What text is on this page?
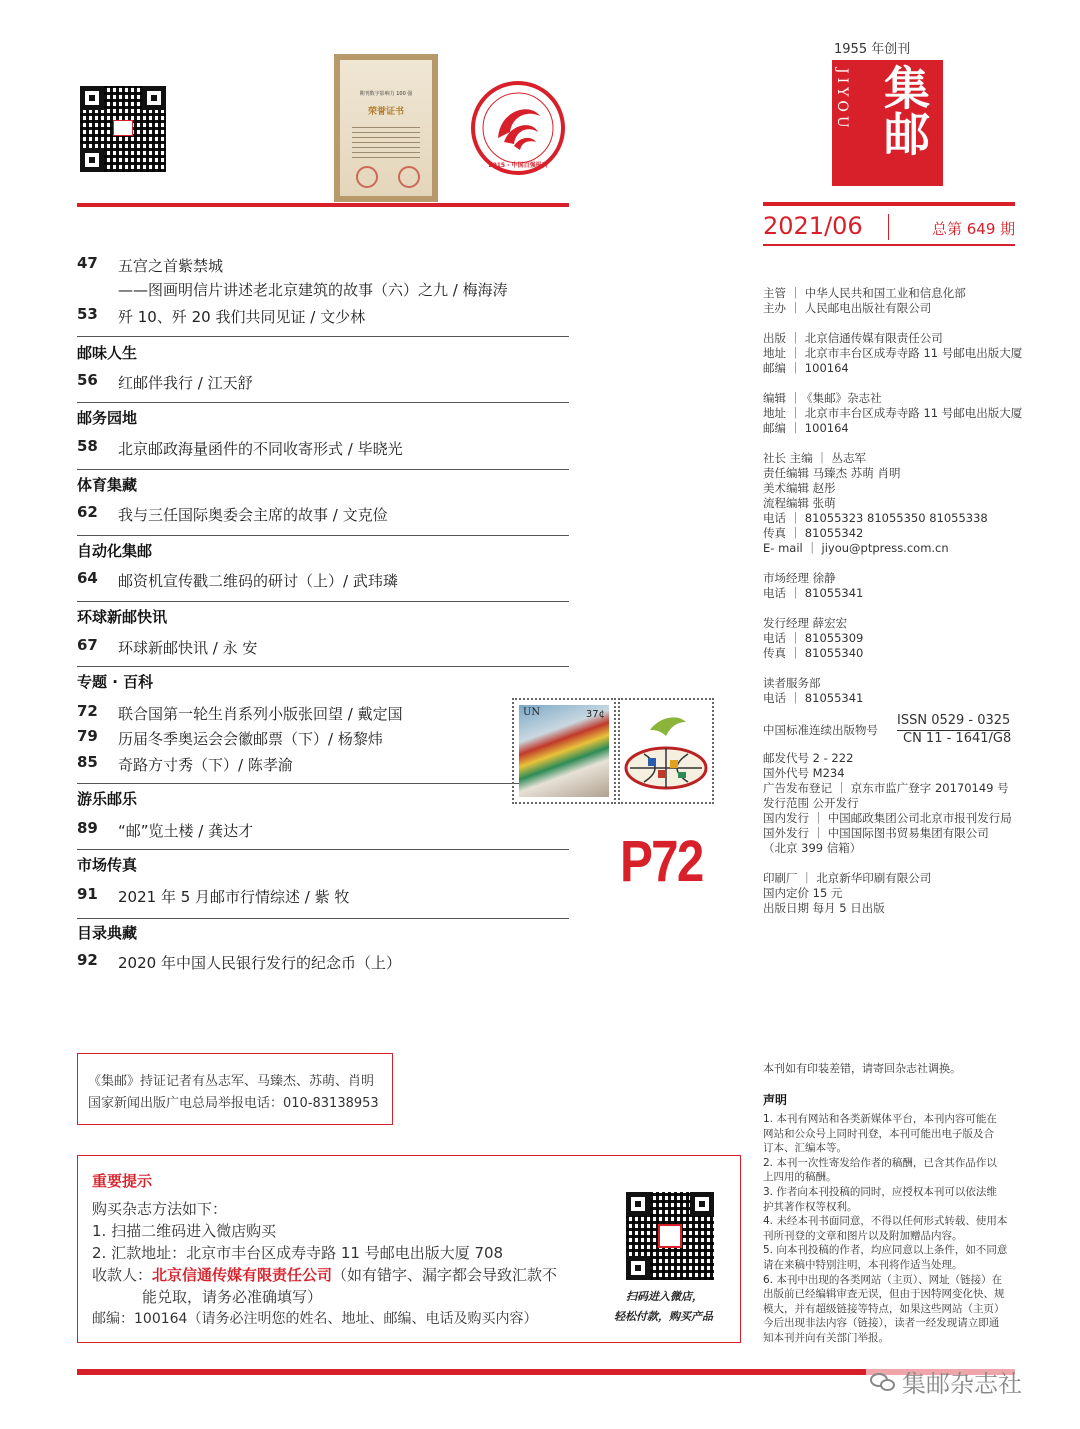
期刊数字影响力 100 强
荣誉证书
2015 · 中国百强报刊
1955 年创刊
JIYOU 集邮
2021/06	总第 649 期
47 五宫之首紫禁城
——图画明信片讲述老北京建筑的故事（六）之九 / 梅海涛
53 歼 10、歼 20 我们共同见证 / 文少林
邮味人生
56 红邮伴我行 / 江天舒
邮务园地
58 北京邮政海量函件的不同收寄形式 / 毕晓光
体育集藏
62 我与三任国际奥委会主席的故事 / 文克俭
自动化集邮
64 邮资机宣传戳二维码的研讨（上）/ 武玮璘
环球新邮快讯
67 环球新邮快讯 / 永 安
专题 · 百科
72 联合国第一轮生肖系列小版张回望 / 戴定国
79 历届冬季奥运会会徽邮票（下）/ 杨黎炜
85 奇路方寸秀（下）/ 陈孝渝
游乐邮乐
89 “邮”览土楼 / 龚达才
市场传真
91 2021 年 5 月邮市行情综述 / 紫 牧
目录典藏
92 2020 年中国人民银行发行的纪念币（上）
UN	37¢
P72
主管 ｜ 中华人民共和国工业和信息化部
主办 ｜ 人民邮电出版社有限公司
出版 ｜ 北京信通传媒有限责任公司
地址 ｜ 北京市丰台区成寿寺路 11 号邮电出版大厦
邮编 ｜ 100164
编辑 ｜《集邮》杂志社
地址 ｜ 北京市丰台区成寿寺路 11 号邮电出版大厦
邮编 ｜ 100164
社长 主编 ｜ 丛志军
责任编辑 马臻杰 苏萌 肖明
美术编辑 赵彤
流程编辑 张萌
电话 ｜ 81055323 81055350 81055338
传真 ｜ 81055342
E- mail ｜ jiyou@ptpress.com.cn
市场经理 徐静
电话 ｜ 81055341
发行经理 薛宏宏
电话 ｜ 81055309
传真 ｜ 81055340
读者服务部
电话 ｜ 81055341
中国标准连续出版物号
ISSN 0529 - 0325
CN 11 - 1641/G8
邮发代号 2 - 222
国外代号 M234
广告发布登记 ｜ 京东市监广登字 20170149 号
发行范围 公开发行
国内发行 ｜ 中国邮政集团公司北京市报刊发行局
国外发行 ｜ 中国国际图书贸易集团有限公司
（北京 399 信箱）
印刷厂 ｜ 北京新华印刷有限公司
国内定价 15 元
出版日期 每月 5 日出版
本刊如有印装差错，请寄回杂志社调换。
声明
1. 本刊有网站和各类新媒体平台，本刊内容可能在
网站和公众号上同时刊登，本刊可能出电子版及合
订本、汇编本等。
2. 本刊一次性寄发给作者的稿酬，已含其作品作以
上四用的稿酬。
3. 作者向本刊投稿的同时，应授权本刊可以依法维
护其著作权等权利。
4. 未经本刊书面同意，不得以任何形式转载、使用本
刊所刊登的文章和图片以及附加赠品内容。
5. 向本刊投稿的作者，均应同意以上条件，如不同意
请在来稿中特别注明，本刊将作适当处理。
6. 本刊中出现的各类网站（主页）、网址（链接）在
出版前已经编辑审查无误，但由于因特网变化快、规
模大，并有超级链接等特点，如果这些网站（主页）
今后出现非法内容（链接），读者一经发现请立即通
知本刊并向有关部门举报。
《集邮》持证记者有丛志军、马臻杰、苏萌、肖明
国家新闻出版广电总局举报电话：010-83138953
重要提示
购买杂志方法如下：
1. 扫描二维码进入微店购买
2. 汇款地址：北京市丰台区成寿寺路 11 号邮电出版大厦 708
收款人：北京信通传媒有限责任公司（如有错字、漏字都会导致汇款不
能兑取，请务必准确填写）
邮编：100164（请务必注明您的姓名、地址、邮编、电话及购买内容）
扫码进入微店，
轻松付款，购买产品
集邮杂志社
